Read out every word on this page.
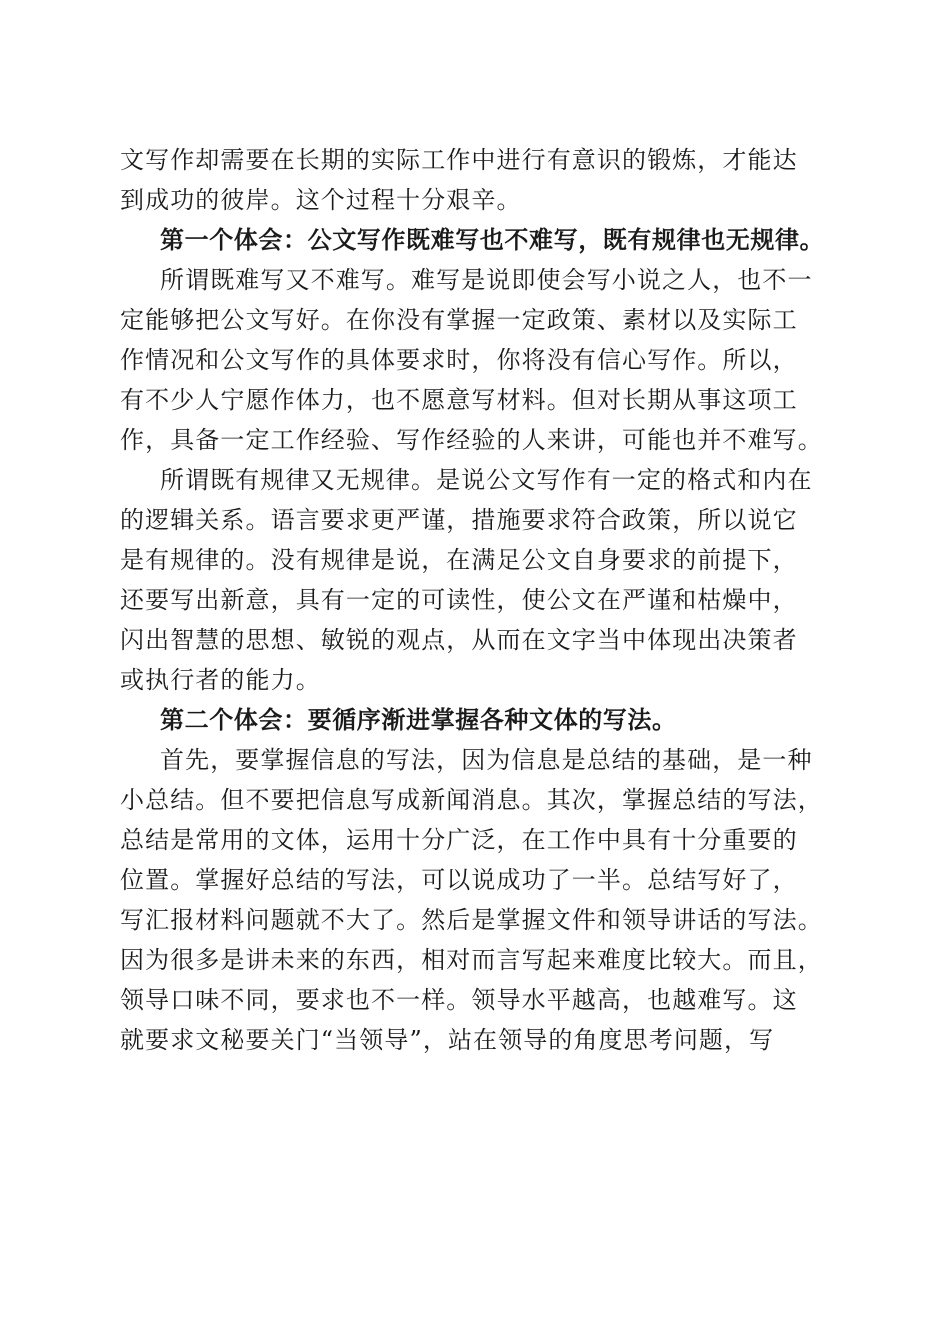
文写作却需要在长期的实际工作中进行有意识的锻炼，才能达
到成功的彼岸。这个过程十分艰辛。
第一个体会：公文写作既难写也不难写，既有规律也无规律。
所谓既难写又不难写。难写是说即使会写小说之人，也不一
定能够把公文写好。在你没有掌握一定政策、素材以及实际工
作情况和公文写作的具体要求时，你将没有信心写作。所以，
有不少人宁愿作体力，也不愿意写材料。但对长期从事这项工
作，具备一定工作经验、写作经验的人来讲，可能也并不难写。
所谓既有规律又无规律。是说公文写作有一定的格式和内在
的逻辑关系。语言要求更严谨，措施要求符合政策，所以说它
是有规律的。没有规律是说，在满足公文自身要求的前提下，
还要写出新意，具有一定的可读性，使公文在严谨和枯燥中，
闪出智慧的思想、敏锐的观点，从而在文字当中体现出决策者
或执行者的能力。
第二个体会：要循序渐进掌握各种文体的写法。
首先，要掌握信息的写法，因为信息是总结的基础，是一种
小总结。但不要把信息写成新闻消息。其次，掌握总结的写法，
总结是常用的文体，运用十分广泛，在工作中具有十分重要的
位置。掌握好总结的写法，可以说成功了一半。总结写好了，
写汇报材料问题就不大了。然后是掌握文件和领导讲话的写法。
因为很多是讲未来的东西，相对而言写起来难度比较大。而且，
领导口味不同，要求也不一样。领导水平越高，也越难写。这
就要求文秘要关门“当领导”，站在领导的角度思考问题，写
